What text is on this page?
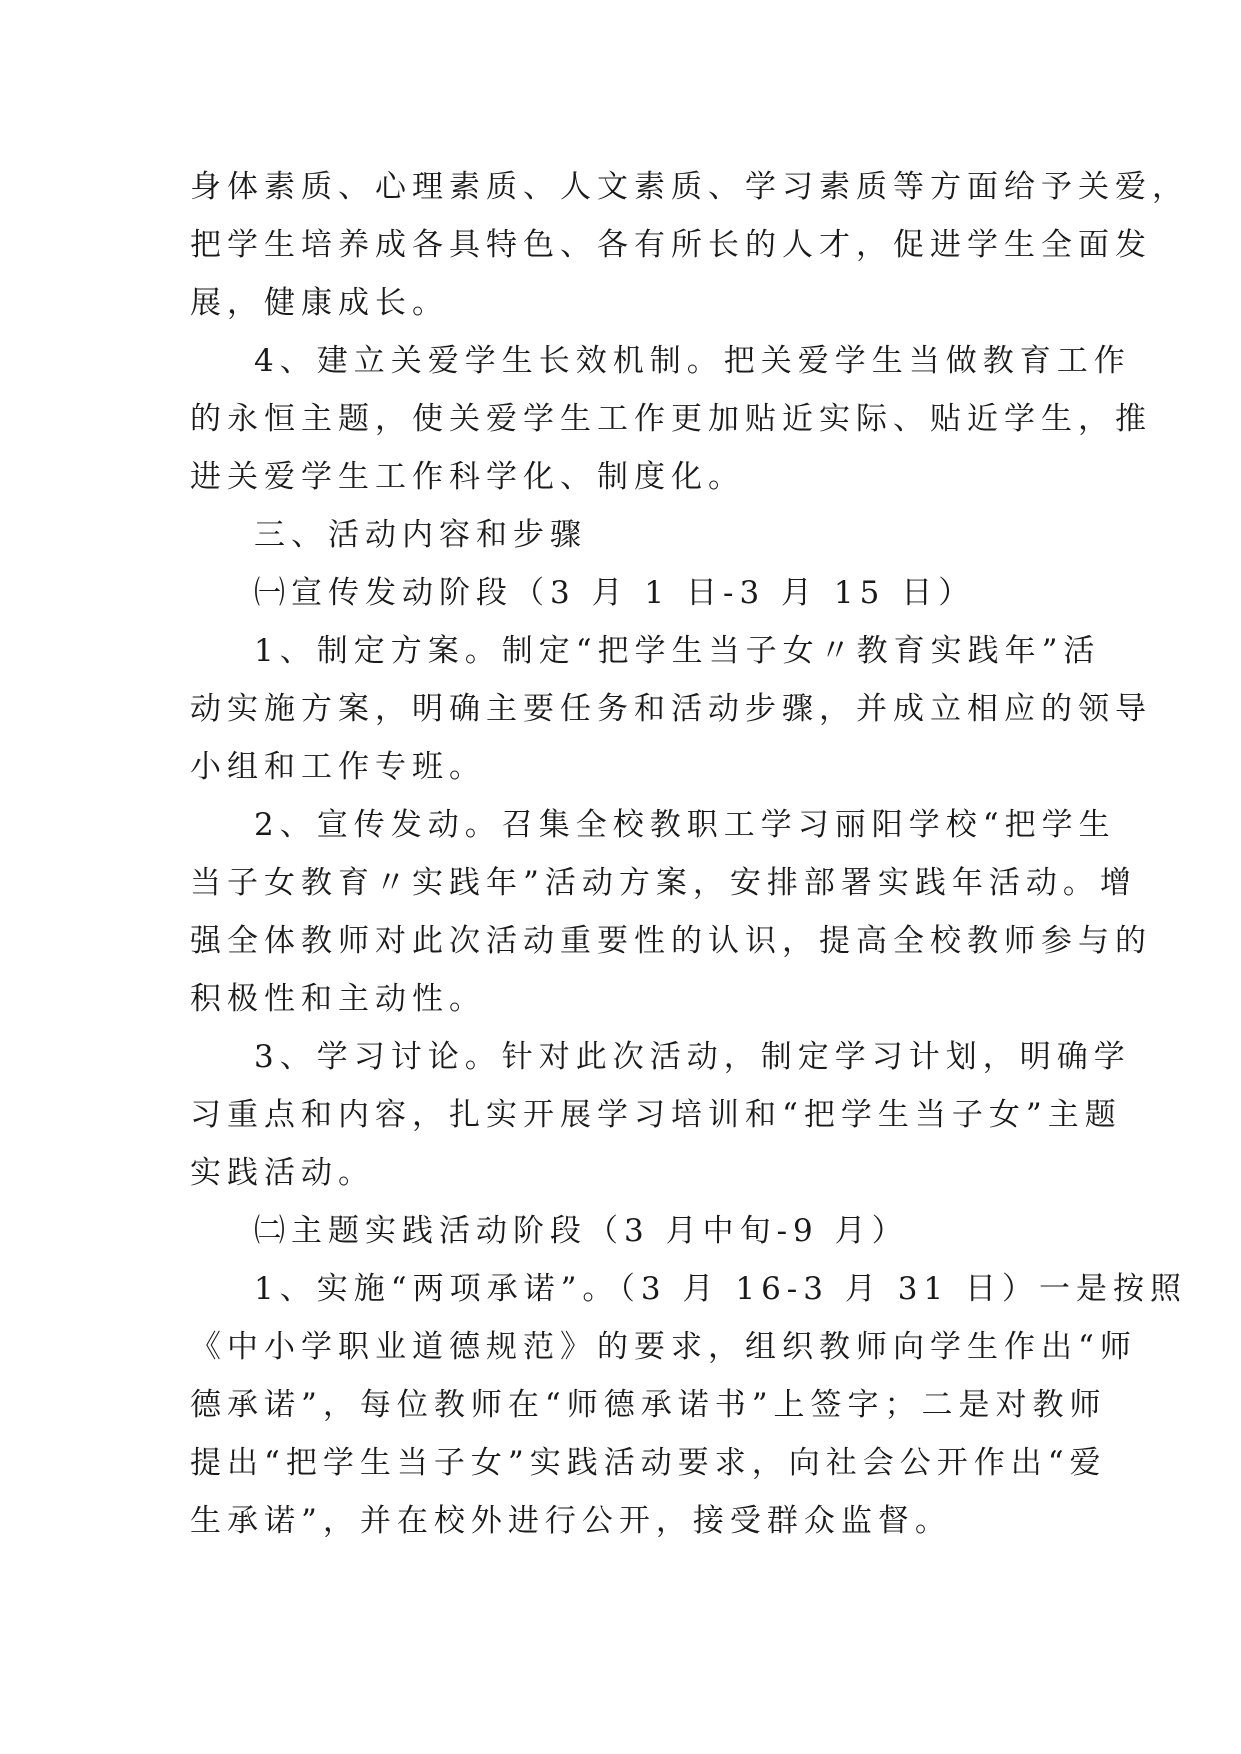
身体素质、心理素质、人文素质、学习素质等方面给予关爱，
把学生培养成各具特色、各有所长的人才，促进学生全面发
展，健康成长。
4、建立关爱学生长效机制。把关爱学生当做教育工作
的永恒主题，使关爱学生工作更加贴近实际、贴近学生，推
进关爱学生工作科学化、制度化。
三、活动内容和步骤
㈠宣传发动阶段（3 月 1 日-3 月 15 日）
1、制定方案。制定“把学生当子女〃教育实践年”活
动实施方案，明确主要任务和活动步骤，并成立相应的领导
小组和工作专班。
2、宣传发动。召集全校教职工学习丽阳学校“把学生
当子女教育〃实践年”活动方案，安排部署实践年活动。增
强全体教师对此次活动重要性的认识，提高全校教师参与的
积极性和主动性。
3、学习讨论。针对此次活动，制定学习计划，明确学
习重点和内容，扎实开展学习培训和“把学生当子女”主题
实践活动。
㈡主题实践活动阶段（3 月中旬-9 月）
1、实施“两项承诺”。（3 月 16-3 月 31 日）一是按照
《中小学职业道德规范》的要求，组织教师向学生作出“师
德承诺”，每位教师在“师德承诺书”上签字；二是对教师
提出“把学生当子女”实践活动要求，向社会公开作出“爱
生承诺”，并在校外进行公开，接受群众监督。
